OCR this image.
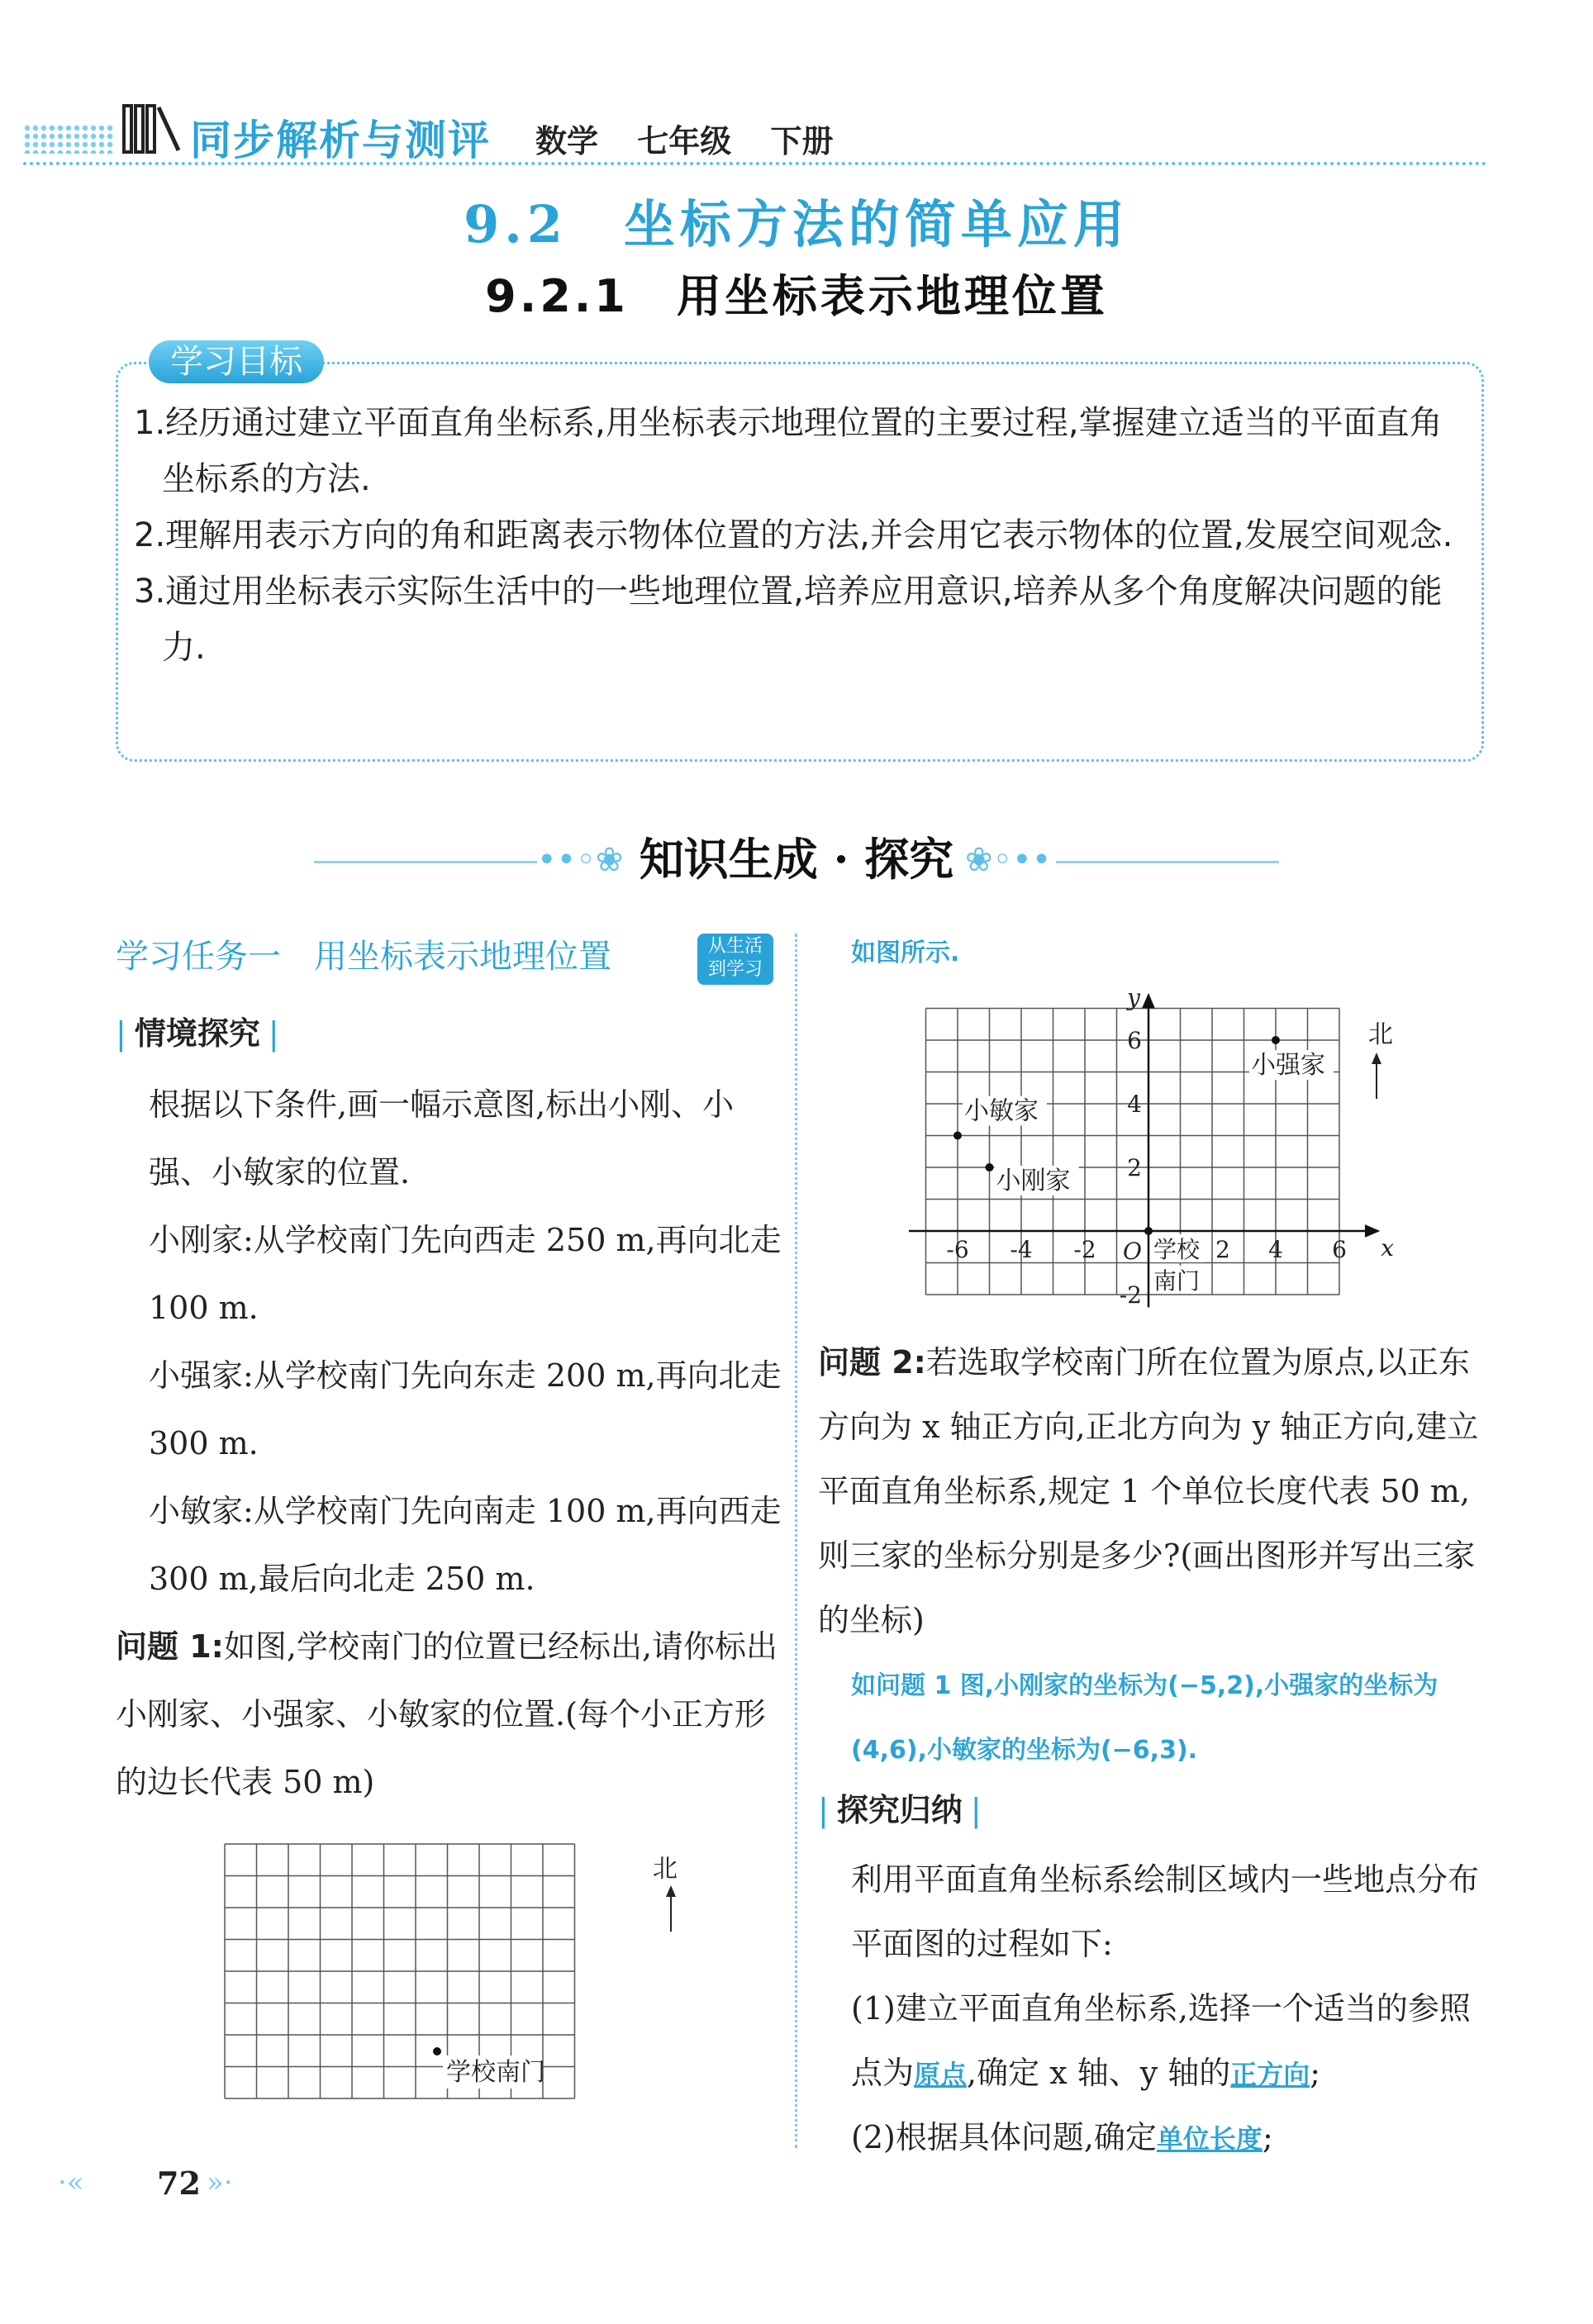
同步解析与测评 数学 七年级 下册
9.2　坐标方法的简单应用
9.2.1　用坐标表示地理位置
学习目标
1.经历通过建立平面直角坐标系,用坐标表示地理位置的主要过程,掌握建立适当的平面直角坐标系的方法.
2.理解用表示方向的角和距离表示物体位置的方法,并会用它表示物体的位置,发展空间观念.
3.通过用坐标表示实际生活中的一些地理位置,培养应用意识,培养从多个角度解决问题的能力.
••◦❀ 知识生成 · 探究 ❀◦••
学习任务一　用坐标表示地理位置	从生活
到学习
| 情境探究 |
根据以下条件,画一幅示意图,标出小刚、小强、小敏家的位置.
小刚家:从学校南门先向西走 250 m,再向北走 100 m.
小强家:从学校南门先向东走 200 m,再向北走 300 m.
小敏家:从学校南门先向南走 100 m,再向西走 300 m,最后向北走 250 m.
问题 1:如图,学校南门的位置已经标出,请你标出小刚家、小强家、小敏家的位置.(每个小正方形的边长代表 50 m)
北
学校南门
如图所示.
-6 -4 -2	2 4 6
6
4
2
-2
x
y
O 学校
南门
小强家
小敏家
小刚家
北
问题 2:若选取学校南门所在位置为原点,以正东方向为 x 轴正方向,正北方向为 y 轴正方向,建立平面直角坐标系,规定 1 个单位长度代表 50 m,则三家的坐标分别是多少?(画出图形并写出三家的坐标)
如问题 1 图,小刚家的坐标为(−5,2),小强家的坐标为(4,6),小敏家的坐标为(−6,3).
| 探究归纳 |
利用平面直角坐标系绘制区域内一些地点分布平面图的过程如下:
(1)建立平面直角坐标系,选择一个适当的参照点为原点,确定 x 轴、y 轴的正方向;
(2)根据具体问题,确定单位长度;
·«	»·
72
